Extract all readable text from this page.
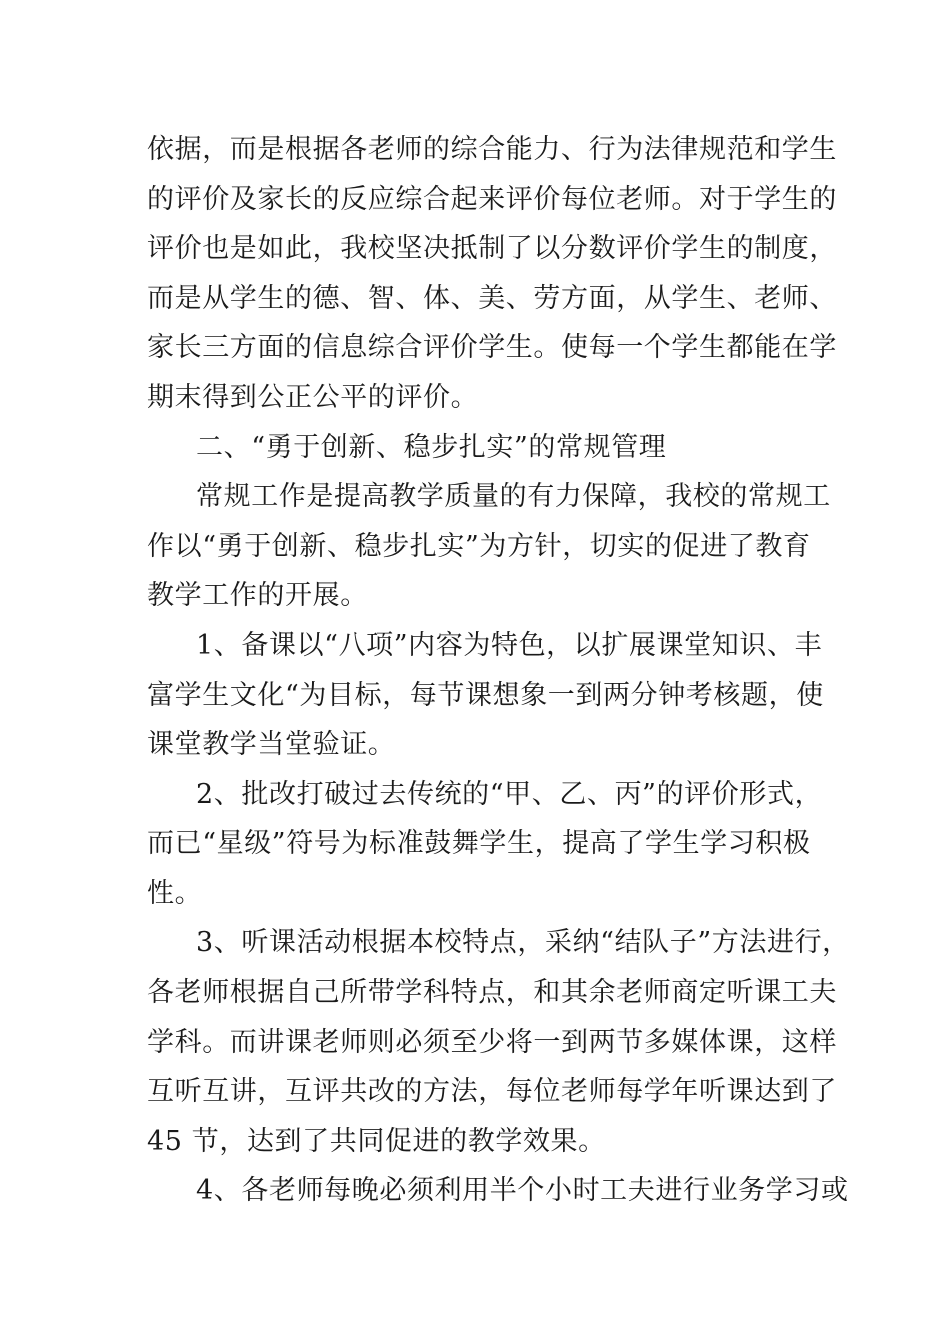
依据，而是根据各老师的综合能力、行为法律规范和学生
的评价及家长的反应综合起来评价每位老师。对于学生的
评价也是如此，我校坚决抵制了以分数评价学生的制度，
而是从学生的德、智、体、美、劳方面，从学生、老师、
家长三方面的信息综合评价学生。使每一个学生都能在学
期末得到公正公平的评价。
二、“勇于创新、稳步扎实”的常规管理
常规工作是提高教学质量的有力保障，我校的常规工
作以“勇于创新、稳步扎实”为方针，切实的促进了教育
教学工作的开展。
1、备课以“八项”内容为特色，以扩展课堂知识、丰
富学生文化“为目标，每节课想象一到两分钟考核题，使
课堂教学当堂验证。
2、批改打破过去传统的“甲、乙、丙”的评价形式，
而已“星级”符号为标准鼓舞学生，提高了学生学习积极
性。
3、听课活动根据本校特点，采纳“结队子”方法进行，
各老师根据自己所带学科特点，和其余老师商定听课工夫
学科。而讲课老师则必须至少将一到两节多媒体课，这样
互听互讲，互评共改的方法，每位老师每学年听课达到了
45 节，达到了共同促进的教学效果。
4、各老师每晚必须利用半个小时工夫进行业务学习或
